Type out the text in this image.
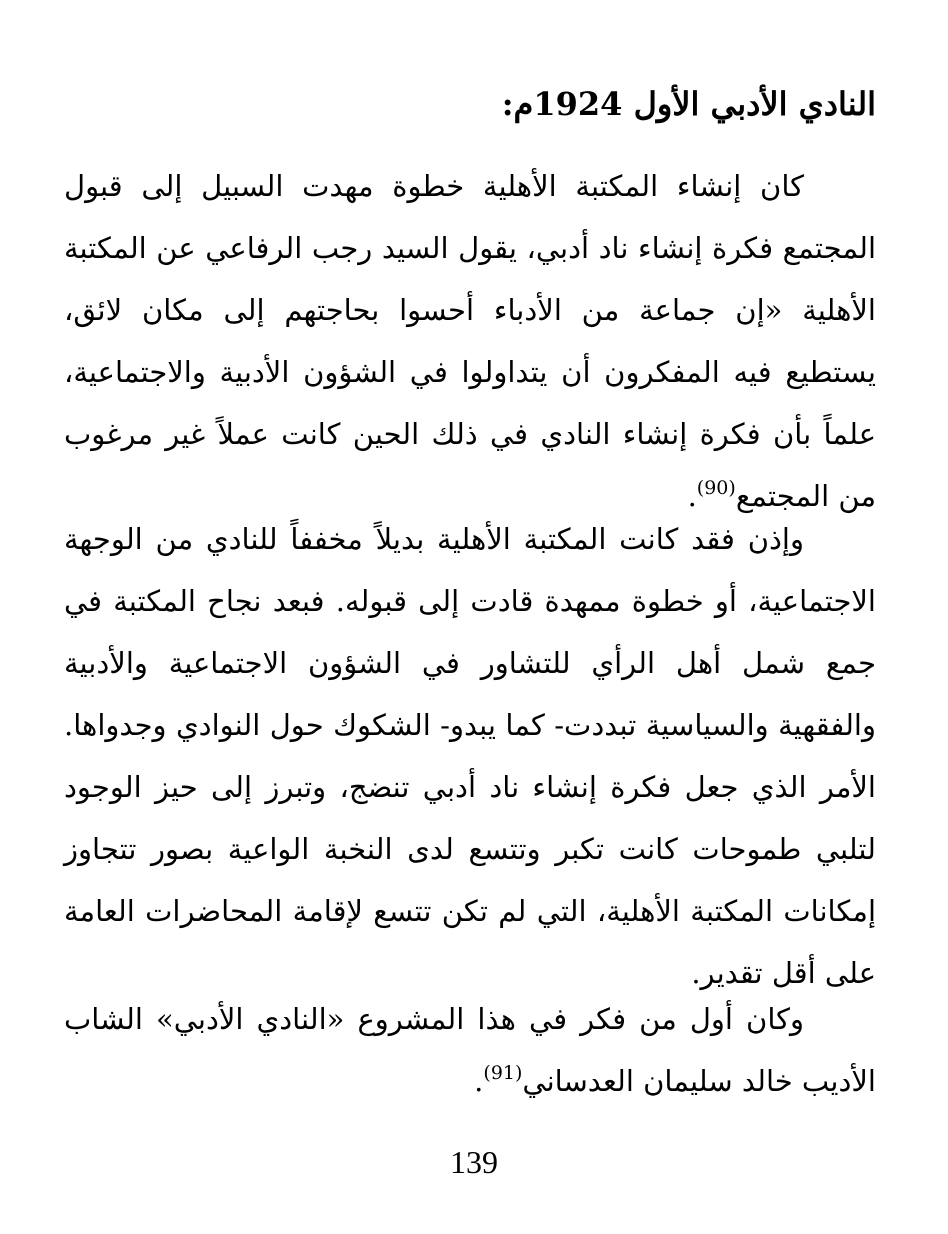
النادي الأدبي الأول 1924م:

كان إنشاء المكتبة الأهلية خطوة مهدت السبيل إلى قبول المجتمع فكرة إنشاء ناد أدبي، يقول السيد رجب الرفاعي عن المكتبة الأهلية «إن جماعة من الأدباء أحسوا بحاجتهم إلى مكان لائق، يستطيع فيه المفكرون أن يتداولوا في الشؤون الأدبية والاجتماعية، علماً بأن فكرة إنشاء النادي في ذلك الحين كانت عملاً غير مرغوب من المجتمع$^{(90)}$.

وإذن فقد كانت المكتبة الأهلية بديلاً مخففاً للنادي من الوجهة الاجتماعية، أو خطوة ممهدة قادت إلى قبوله. فبعد نجاح المكتبة في جمع شمل أهل الرأي للتشاور في الشؤون الاجتماعية والأدبية والفقهية والسياسية تبددت- كما يبدو- الشكوك حول النوادي وجدواها. الأمر الذي جعل فكرة إنشاء ناد أدبي تنضج، وتبرز إلى حيز الوجود لتلبي طموحات كانت تكبر وتتسع لدى النخبة الواعية بصور تتجاوز إمكانات المكتبة الأهلية، التي لم تكن تتسع لإقامة المحاضرات العامة على أقل تقدير.

وكان أول من فكر في هذا المشروع «النادي الأدبي» الشاب الأديب خالد سليمان العدساني$^{(91)}$.

139
